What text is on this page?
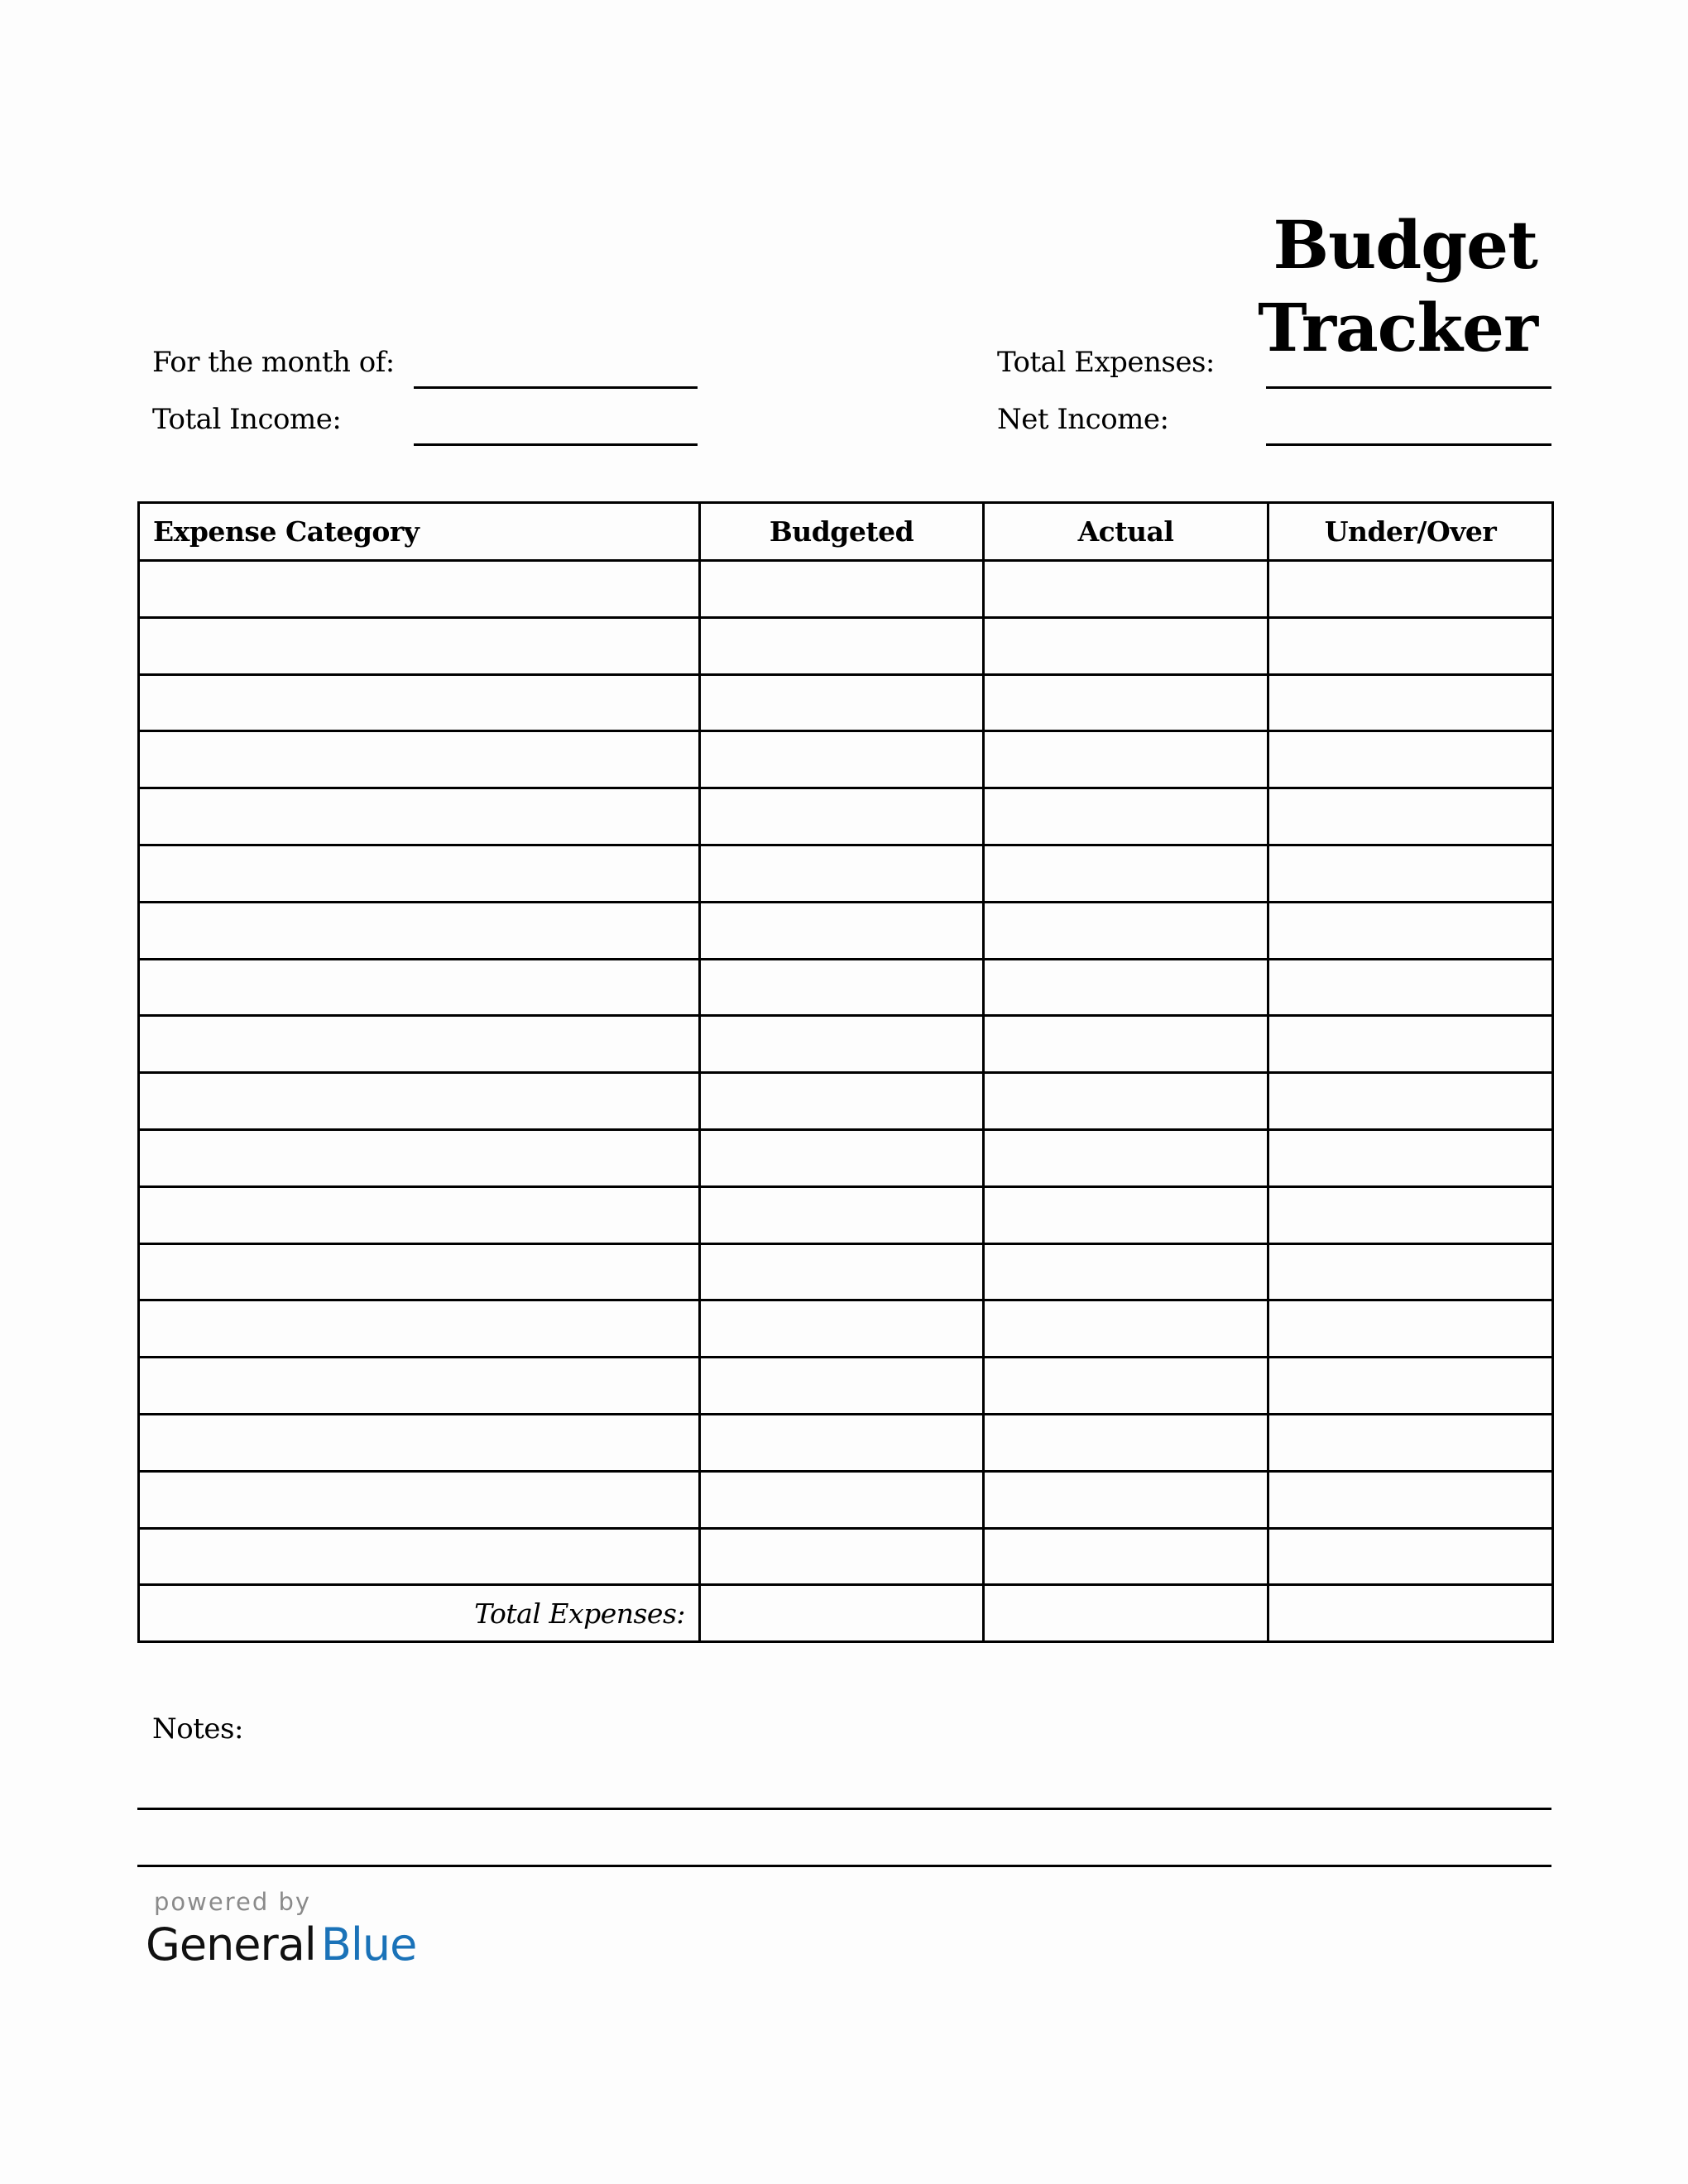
Budget Tracker
For the month of:
Total Income:
Total Expenses:
Net Income:
Expense Category	Budgeted	Actual	Under/Over

Total Expenses:			
Notes:
powered by
General Blue
